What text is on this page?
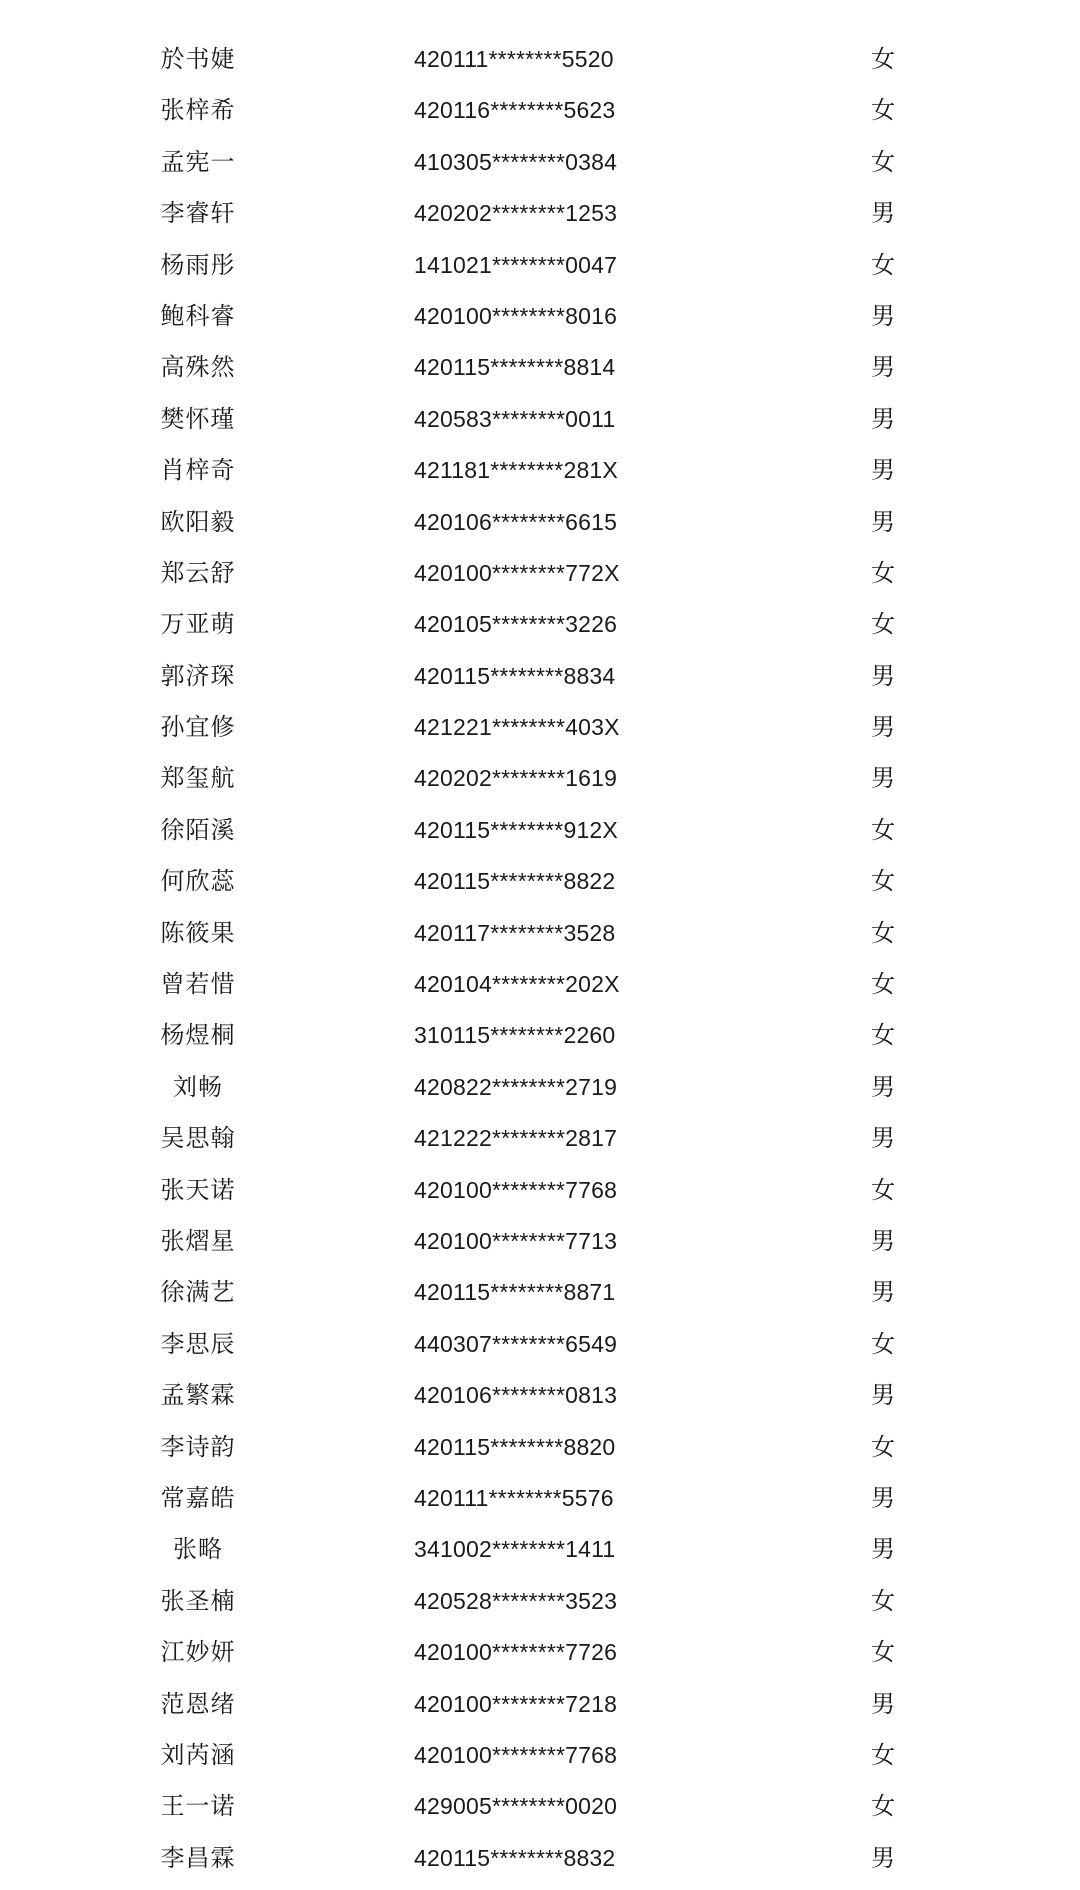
於书婕	420111********5520	女
张梓希	420116********5623	女
孟宪一	410305********0384	女
李睿轩	420202********1253	男
杨雨彤	141021********0047	女
鲍科睿	420100********8016	男
高殊然	420115********8814	男
樊怀瑾	420583********0011	男
肖梓奇	421181********281X	男
欧阳毅	420106********6615	男
郑云舒	420100********772X	女
万亚萌	420105********3226	女
郭济琛	420115********8834	男
孙宜修	421221********403X	男
郑玺航	420202********1619	男
徐陌溪	420115********912X	女
何欣蕊	420115********8822	女
陈筱果	420117********3528	女
曾若惜	420104********202X	女
杨煜桐	310115********2260	女
刘畅	420822********2719	男
吴思翰	421222********2817	男
张天诺	420100********7768	女
张熠星	420100********7713	男
徐满艺	420115********8871	男
李思辰	440307********6549	女
孟繁霖	420106********0813	男
李诗韵	420115********8820	女
常嘉皓	420111********5576	男
张略	341002********1411	男
张圣楠	420528********3523	女
江妙妍	420100********7726	女
范恩绪	420100********7218	男
刘芮涵	420100********7768	女
王一诺	429005********0020	女
李昌霖	420115********8832	男
